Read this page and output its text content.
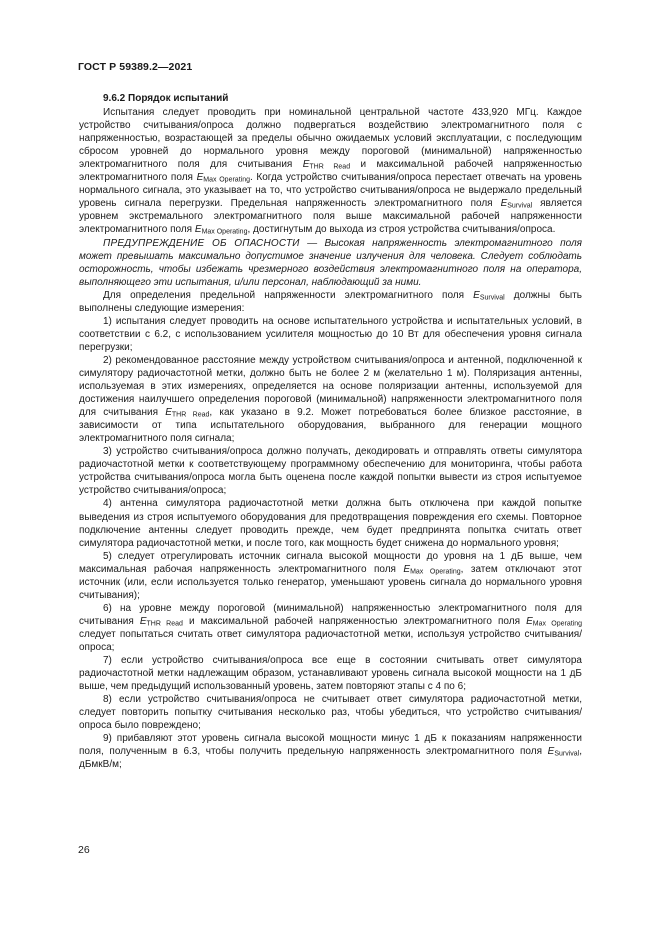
ГОСТ Р 59389.2—2021

9.6.2 Порядок испытаний

Испытания следует проводить при номинальной центральной частоте 433,920 МГц. Каждое устройство считывания/опроса должно подвергаться воздействию электромагнитного поля с напряженностью, возрастающей за пределы обычно ожидаемых условий эксплуатации, с последующим сбросом уровней до нормального уровня между пороговой (минимальной) напряженностью электромагнитного поля для считывания $E_{THR Read}$ и максимальной рабочей напряженностью электромагнитного поля $E_{Max Operating}$. Когда устройство считывания/опроса перестает отвечать на уровень нормального сигнала, это указывает на то, что устройство считывания/опроса не выдержало предельный уровень сигнала перегрузки. Предельная напряженность электромагнитного поля $E_{Survival}$ является уровнем экстремального электромагнитного поля выше максимальной рабочей напряженности электромагнитного поля $E_{Max Operating}$, достигнутым до выхода из строя устройства считывания/опроса.

ПРЕДУПРЕЖДЕНИЕ ОБ ОПАСНОСТИ — Высокая напряженность электромагнитного поля может превышать максимально допустимое значение излучения для человека. Следует соблюдать осторожность, чтобы избежать чрезмерного воздействия электромагнитного поля на оператора, выполняющего эти испытания, и/или персонал, наблюдающий за ними.

Для определения предельной напряженности электромагнитного поля $E_{Survival}$ должны быть выполнены следующие измерения:

1) испытания следует проводить на основе испытательного устройства и испытательных условий, в соответствии с 6.2, с использованием усилителя мощностью до 10 Вт для обеспечения уровня сигнала перегрузки;

2) рекомендованное расстояние между устройством считывания/опроса и антенной, подключенной к симулятору радиочастотной метки, должно быть не более 2 м (желательно 1 м). Поляризация антенны, используемая в этих измерениях, определяется на основе поляризации антенны, используемой для достижения наилучшего определения пороговой (минимальной) напряженности электромагнитного поля для считывания $E_{THR Read}$, как указано в 9.2. Может потребоваться более близкое расстояние, в зависимости от типа испытательного оборудования, выбранного для генерации мощного электромагнитного поля сигнала;

3) устройство считывания/опроса должно получать, декодировать и отправлять ответы симулятора радиочастотной метки к соответствующему программному обеспечению для мониторинга, чтобы работа устройства считывания/опроса могла быть оценена после каждой попытки вывести из строя испытуемое устройство считывания/опроса;

4) антенна симулятора радиочастотной метки должна быть отключена при каждой попытке выведения из строя испытуемого оборудования для предотвращения повреждения его схемы. Повторное подключение антенны следует проводить прежде, чем будет предпринята попытка считать ответ симулятора радиочастотной метки, и после того, как мощность будет снижена до нормального уровня;

5) следует отрегулировать источник сигнала высокой мощности до уровня на 1 дБ выше, чем максимальная рабочая напряженность электромагнитного поля $E_{Max Operating}$, затем отключают этот источник (или, если используется только генератор, уменьшают уровень сигнала до нормального уровня считывания);

6) на уровне между пороговой (минимальной) напряженностью электромагнитного поля для считывания $E_{THR Read}$ и максимальной рабочей напряженностью электромагнитного поля $E_{Max Operating}$ следует попытаться считать ответ симулятора радиочастотной метки, используя устройство считывания/опроса;

7) если устройство считывания/опроса все еще в состоянии считывать ответ симулятора радиочастотной метки надлежащим образом, устанавливают уровень сигнала высокой мощности на 1 дБ выше, чем предыдущий использованный уровень, затем повторяют этапы с 4 по 6;

8) если устройство считывания/опроса не считывает ответ симулятора радиочастотной метки, следует повторить попытку считывания несколько раз, чтобы убедиться, что устройство считывания/опроса было повреждено;

9) прибавляют этот уровень сигнала высокой мощности минус 1 дБ к показаниям напряженности поля, полученным в 6.3, чтобы получить предельную напряженность электромагнитного поля $E_{Survival}$, дБмкВ/м;

26
